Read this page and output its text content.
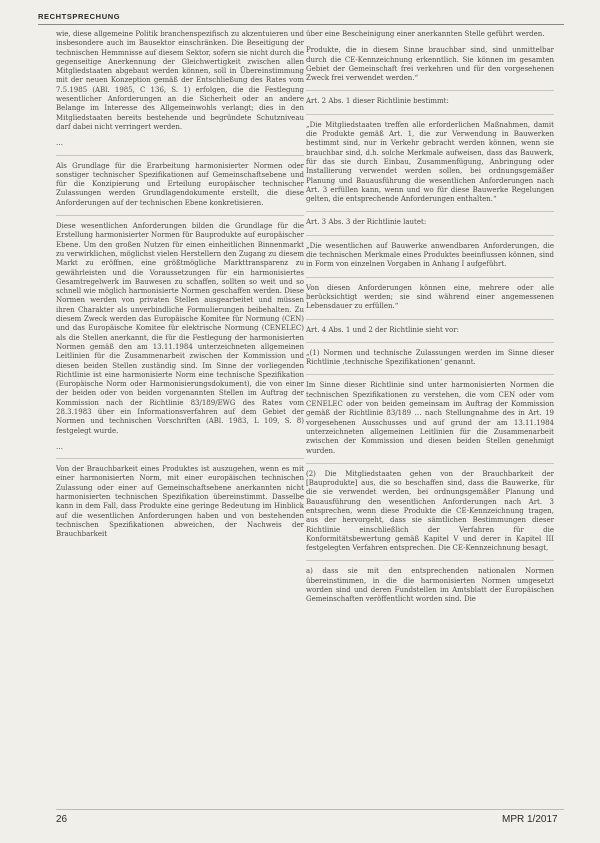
RECHTSPRECHUNG

wie, diese allgemeine Politik branchenspezifisch zu akzentuieren und insbesondere auch im Bausektor einschränken. Die Beseitigung der technischen Hemmnisse auf diesem Sektor, sofern sie nicht durch die gegenseitige Anerkennung der Gleichwertigkeit zwischen allen Mitgliedstaaten abgebaut werden können, soll in Übereinstimmung mit der neuen Konzeption gemäß der Entschließung des Rates vom 7.5.1985 (ABl. 1985, C 136, S. 1) erfolgen, die die Festlegung wesentlicher Anforderungen an die Sicherheit oder an andere Belange im Interesse des Allgemeinwohls verlangt; dies in den Mitgliedstaaten bereits bestehende und begründete Schutzniveau darf dabei nicht verringert werden.

…

Als Grundlage für die Erarbeitung harmonisierter Normen oder sonstiger technischer Spezifikationen auf Gemeinschaftsebene und für die Konzipierung und Erteilung europäischer technischer Zulassungen werden Grundlagendokumente erstellt, die diese Anforderungen auf der technischen Ebene konkretisieren.

Diese wesentlichen Anforderungen bilden die Grundlage für die Erstellung harmonisierter Normen für Bauprodukte auf europäischer Ebene. Um den großen Nutzen für einen einheitlichen Binnenmarkt zu verwirklichen, möglichst vielen Herstellern den Zugang zu diesem Markt zu eröffnen, eine größtmögliche Markttransparenz zu gewährleisten und die Voraussetzungen für ein harmonisiertes Gesamtregelwerk im Bauwesen zu schaffen, sollten so weit und so schnell wie möglich harmonisierte Normen geschaffen werden. Diese Normen werden von privaten Stellen ausgearbeitet und müssen ihren Charakter als unverbindliche Formulierungen beibehalten. Zu diesem Zweck werden das Europäische Komitee für Normung (CEN) und das Europäische Komitee für elektrische Normung (CENELEC) als die Stellen anerkannt, die für die Festlegung der harmonisierten Normen gemäß den am 13.11.1984 unterzeichneten allgemeinen Leitlinien für die Zusammenarbeit zwischen der Kommission und diesen beiden Stellen zuständig sind. Im Sinne der vorliegenden Richtlinie ist eine harmonisierte Norm eine technische Spezifikation (Europäische Norm oder Harmonisierungsdokument), die von einer der beiden oder von beiden vorgenannten Stellen im Auftrag der Kommission nach der Richtlinie 83/189/EWG des Rates vom 28.3.1983 über ein Informationsverfahren auf dem Gebiet der Normen und technischen Vorschriften (ABl. 1983, L 109, S. 8) festgelegt wurde.

…

Von der Brauchbarkeit eines Produktes ist auszugehen, wenn es mit einer harmonisierten Norm, mit einer europäischen technischen Zulassung oder einer auf Gemeinschaftsebene anerkannten nicht harmonisierten technischen Spezifikation übereinstimmt. Dasselbe kann in dem Fall, dass Produkte eine geringe Bedeutung im Hinblick auf die wesentlichen Anforderungen haben und von bestehenden technischen Spezifikationen abweichen, der Nachweis der Brauchbarkeit

über eine Bescheinigung einer anerkannten Stelle geführt werden.

Produkte, die in diesem Sinne brauchbar sind, sind unmittelbar durch die CE-Kennzeichnung erkenntlich. Sie können im gesamten Gebiet der Gemeinschaft frei verkehren und für den vorgesehenen Zweck frei verwendet werden.“

Art. 2 Abs. 1 dieser Richtlinie bestimmt:

„Die Mitgliedstaaten treffen alle erforderlichen Maßnahmen, damit die Produkte gemäß Art. 1, die zur Verwendung in Bauwerken bestimmt sind, nur in Verkehr gebracht werden können, wenn sie brauchbar sind, d.h. solche Merkmale aufweisen, dass das Bauwerk, für das sie durch Einbau, Zusammenfügung, Anbringung oder Installierung verwendet werden sollen, bei ordnungsgemäßer Planung und Bauausführung die wesentlichen Anforderungen nach Art. 3 erfüllen kann, wenn und wo für diese Bauwerke Regelungen gelten, die entsprechende Anforderungen enthalten.“

Art. 3 Abs. 3 der Richtlinie lautet:

„Die wesentlichen auf Bauwerke anwendbaren Anforderungen, die die technischen Merkmale eines Produktes beeinflussen können, sind in Form von einzelnen Vorgaben in Anhang I aufgeführt.

Von diesen Anforderungen können eine, mehrere oder alle berücksichtigt werden; sie sind während einer angemessenen Lebensdauer zu erfüllen.“

Art. 4 Abs. 1 und 2 der Richtlinie sieht vor:

„(1) Normen und technische Zulassungen werden im Sinne dieser Richtlinie ‚technische Spezifikationen‘ genannt.

Im Sinne dieser Richtlinie sind unter harmonisierten Normen die technischen Spezifikationen zu verstehen, die vom CEN oder vom CENELEC oder von beiden gemeinsam im Auftrag der Kommission gemäß der Richtlinie 83/189 … nach Stellungnahme des in Art. 19 vorgesehenen Ausschusses und auf grund der am 13.11.1984 unterzeichneten allgemeinen Leitlinien für die Zusammenarbeit zwischen der Kommission und diesen beiden Stellen genehmigt wurden.

(2) Die Mitgliedstaaten gehen von der Brauchbarkeit der [Bauprodukte] aus, die so beschaffen sind, dass die Bauwerke, für die sie verwendet werden, bei ordnungsgemäßer Planung und Bauausführung den wesentlichen Anforderungen nach Art. 3 entsprechen, wenn diese Produkte die CE-Kennzeichnung tragen, aus der hervorgeht, dass sie sämtlichen Bestimmungen dieser Richtlinie einschließlich der Verfahren für die Konformitätsbewertung gemäß Kapitel V und derer in Kapitel III festgelegten Verfahren entsprechen. Die CE-Kennzeichnung besagt,

a) dass sie mit den entsprechenden nationalen Normen übereinstimmen, in die die harmonisierten Normen umgesetzt worden sind und deren Fundstellen im Amtsblatt der Europäischen Gemeinschaften veröffentlicht worden sind. Die

26	MPR 1/2017
